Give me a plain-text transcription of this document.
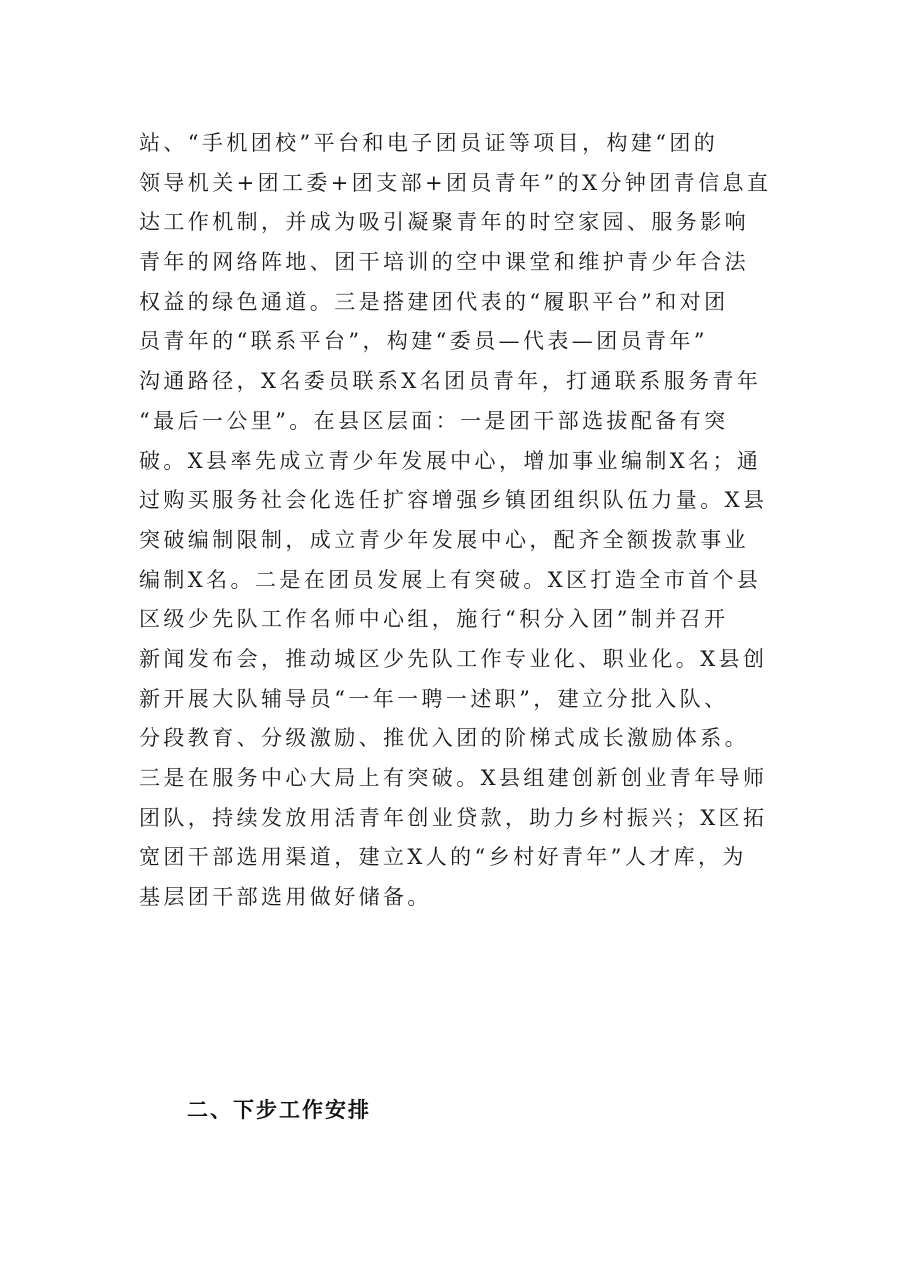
站、“手机团校”平台和电子团员证等项目，构建“团的
领导机关+团工委+团支部+团员青年”的X分钟团青信息直
达工作机制，并成为吸引凝聚青年的时空家园、服务影响
青年的网络阵地、团干培训的空中课堂和维护青少年合法
权益的绿色通道。三是搭建团代表的“履职平台”和对团
员青年的“联系平台”，构建“委员—代表—团员青年”
沟通路径，X名委员联系X名团员青年，打通联系服务青年
“最后一公里”。在县区层面：一是团干部选拔配备有突
破。X县率先成立青少年发展中心，增加事业编制X名；通
过购买服务社会化选任扩容增强乡镇团组织队伍力量。X县
突破编制限制，成立青少年发展中心，配齐全额拨款事业
编制X名。二是在团员发展上有突破。X区打造全市首个县
区级少先队工作名师中心组，施行“积分入团”制并召开
新闻发布会，推动城区少先队工作专业化、职业化。X县创
新开展大队辅导员“一年一聘一述职”，建立分批入队、
分段教育、分级激励、推优入团的阶梯式成长激励体系。
三是在服务中心大局上有突破。X县组建创新创业青年导师
团队，持续发放用活青年创业贷款，助力乡村振兴；X区拓
宽团干部选用渠道，建立X人的“乡村好青年”人才库，为
基层团干部选用做好储备。
二、下步工作安排
